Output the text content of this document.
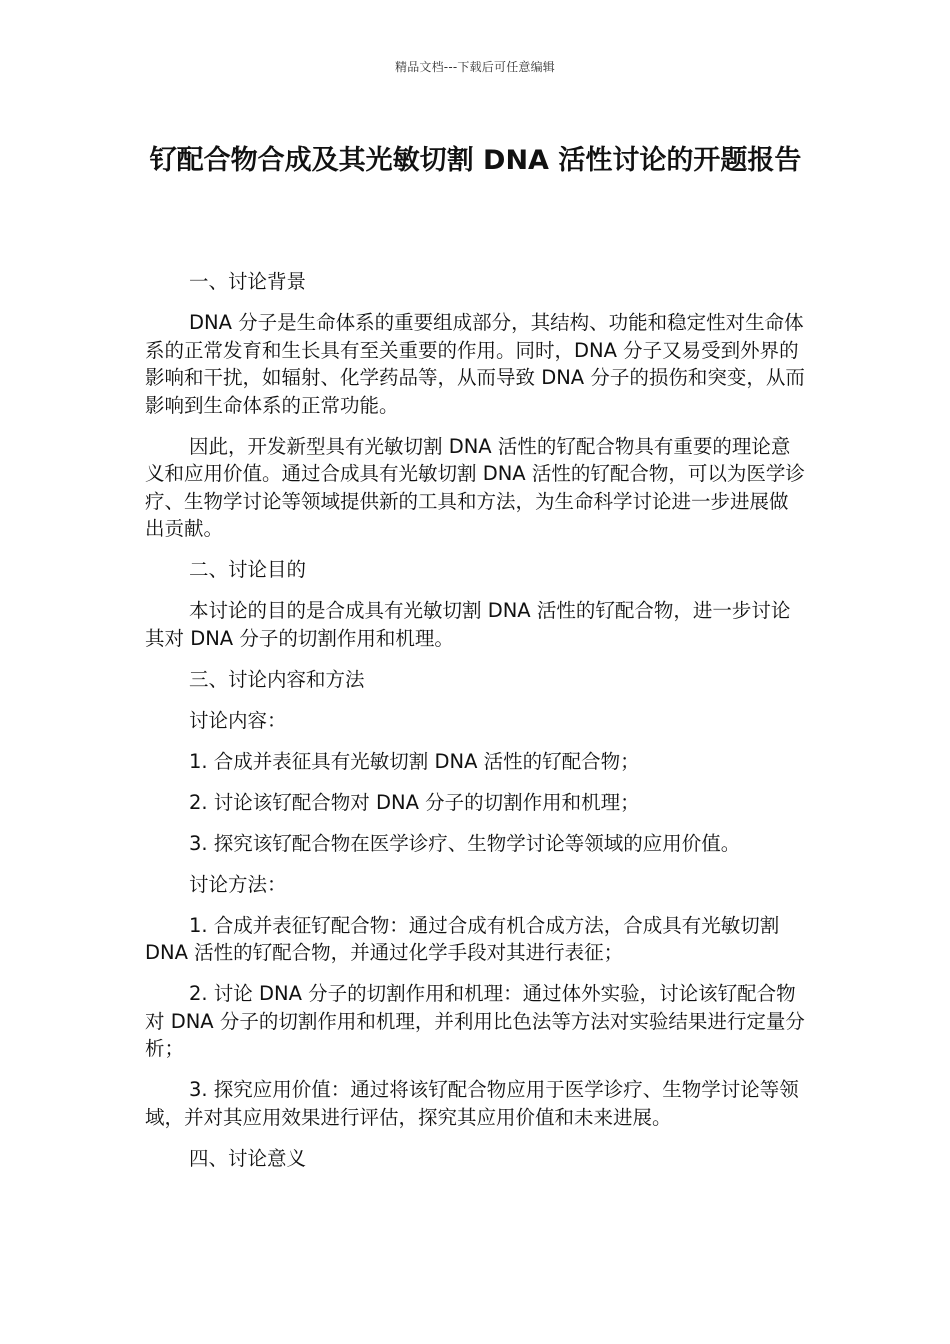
精品文档---下载后可任意编辑
钌配合物合成及其光敏切割 DNA 活性讨论的开题报告

一、讨论背景

DNA 分子是生命体系的重要组成部分，其结构、功能和稳定性对生命体系的正常发育和生长具有至关重要的作用。同时，DNA 分子又易受到外界的影响和干扰，如辐射、化学药品等，从而导致 DNA 分子的损伤和突变，从而影响到生命体系的正常功能。

因此，开发新型具有光敏切割 DNA 活性的钌配合物具有重要的理论意义和应用价值。通过合成具有光敏切割 DNA 活性的钌配合物，可以为医学诊疗、生物学讨论等领域提供新的工具和方法，为生命科学讨论进一步进展做出贡献。

二、讨论目的

本讨论的目的是合成具有光敏切割 DNA 活性的钌配合物，进一步讨论其对 DNA 分子的切割作用和机理。

三、讨论内容和方法

讨论内容：

1. 合成并表征具有光敏切割 DNA 活性的钌配合物；

2. 讨论该钌配合物对 DNA 分子的切割作用和机理；

3. 探究该钌配合物在医学诊疗、生物学讨论等领域的应用价值。

讨论方法：

1. 合成并表征钌配合物：通过合成有机合成方法，合成具有光敏切割 DNA 活性的钌配合物，并通过化学手段对其进行表征；

2. 讨论 DNA 分子的切割作用和机理：通过体外实验，讨论该钌配合物对 DNA 分子的切割作用和机理，并利用比色法等方法对实验结果进行定量分析；

3. 探究应用价值：通过将该钌配合物应用于医学诊疗、生物学讨论等领域，并对其应用效果进行评估，探究其应用价值和未来进展。

四、讨论意义
